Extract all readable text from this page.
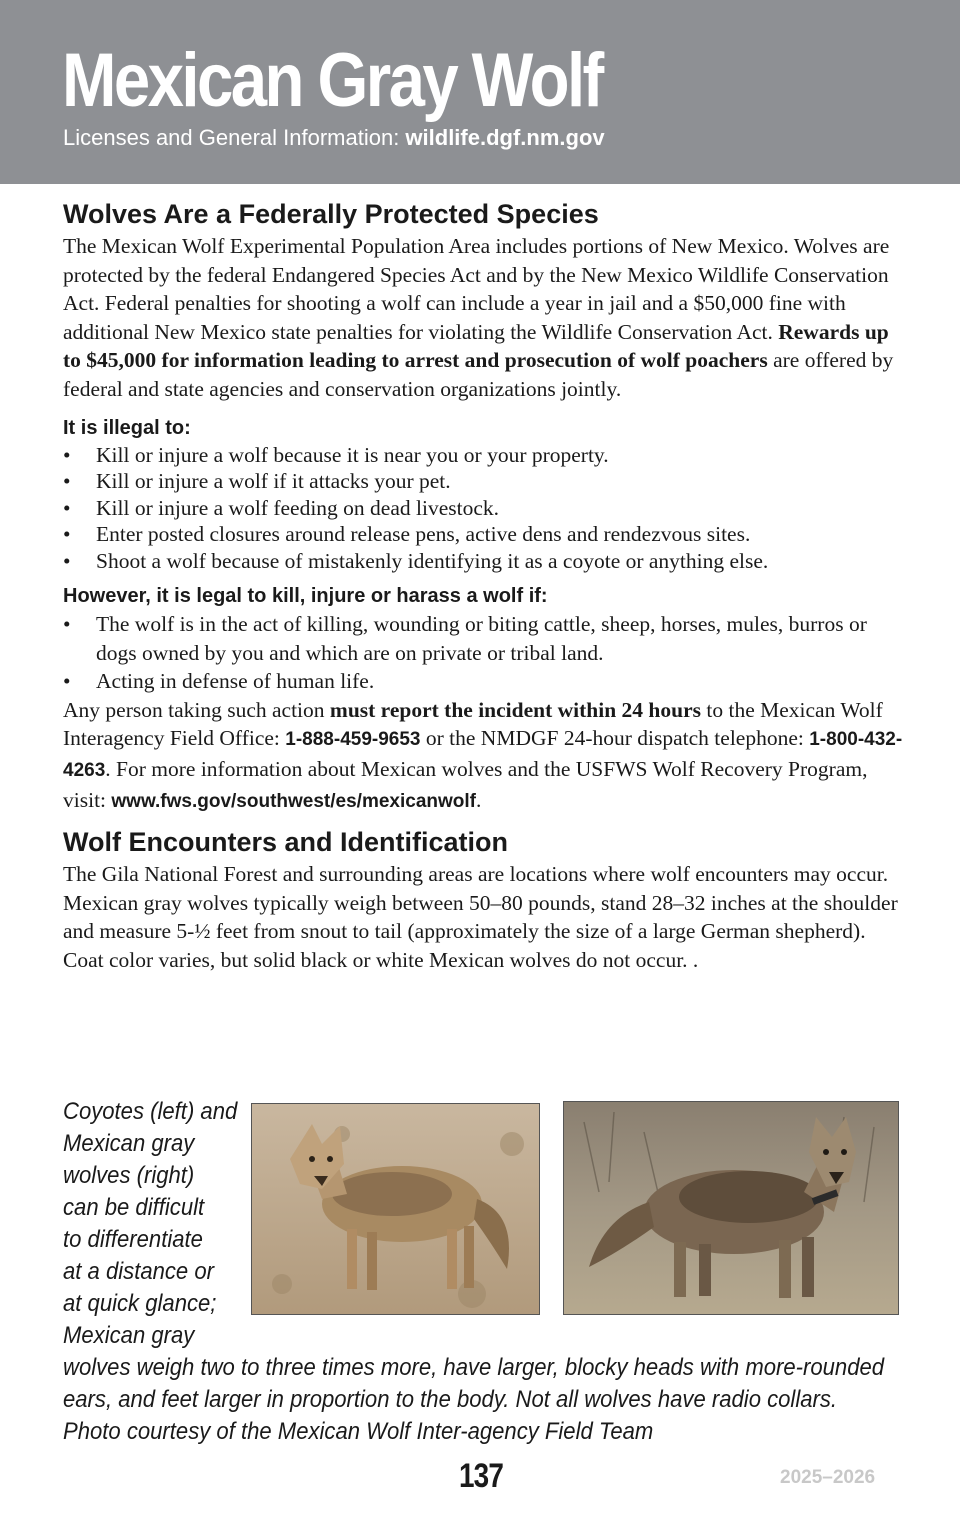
Mexican Gray Wolf
Licenses and General Information: wildlife.dgf.nm.gov
Wolves Are a Federally Protected Species

The Mexican Wolf Experimental Population Area includes portions of New Mexico. Wolves are protected by the federal Endangered Species Act and by the New Mexico Wildlife Conservation Act. Federal penalties for shooting a wolf can include a year in jail and a $50,000 fine with additional New Mexico state penalties for violating the Wildlife Conservation Act. Rewards up to $45,000 for information leading to arrest and prosecution of wolf poachers are offered by federal and state agencies and conservation organizations jointly.

It is illegal to:
• Kill or injure a wolf because it is near you or your property.
• Kill or injure a wolf if it attacks your pet.
• Kill or injure a wolf feeding on dead livestock.
• Enter posted closures around release pens, active dens and rendezvous sites.
• Shoot a wolf because of mistakenly identifying it as a coyote or anything else.
However, it is legal to kill, injure or harass a wolf if:
• The wolf is in the act of killing, wounding or biting cattle, sheep, horses, mules, burros or dogs owned by you and which are on private or tribal land.
• Acting in defense of human life.

Any person taking such action must report the incident within 24 hours to the Mexican Wolf Interagency Field Office: 1-888-459-9653 or the NMDGF 24-hour dispatch telephone: 1-800-432-4263. For more information about Mexican wolves and the USFWS Wolf Recovery Program, visit: www.fws.gov/southwest/es/mexicanwolf.

Wolf Encounters and Identification

The Gila National Forest and surrounding areas are locations where wolf encounters may occur. Mexican gray wolves typically weigh between 50–80 pounds, stand 28–32 inches at the shoulder and measure 5-½ feet from snout to tail (approximately the size of a large German shepherd). Coat color varies, but solid black or white Mexican wolves do not occur. .

Coyotes (left) and
Mexican gray
wolves (right)
can be difficult
to differentiate
at a distance or
at quick glance;
Mexican gray
wolves weigh two to three times more, have larger, blocky heads with more-rounded
ears, and feet larger in proportion to the body. Not all wolves have radio collars.
Photo courtesy of the Mexican Wolf Inter-agency Field Team
137	2025–2026
